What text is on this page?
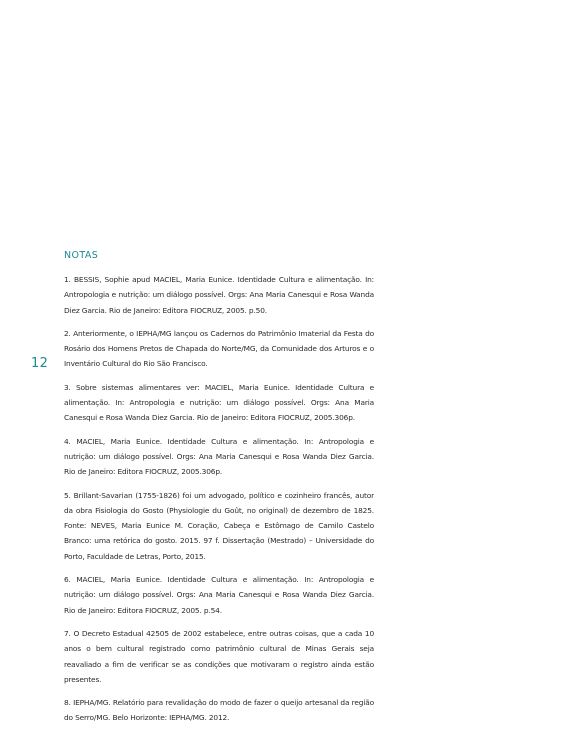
12
NOTAS

1. BESSIS, Sophie apud MACIEL, Maria Eunice. Identidade Cultura e alimentação. In: Antropologia e nutrição: um diálogo possível. Orgs: Ana Maria Canesqui e Rosa Wanda Diez Garcia. Rio de Janeiro: Editora FIOCRUZ, 2005. p.50.

2. Anteriormente, o IEPHA/MG lançou os Cadernos do Patrimônio Imaterial da Festa do Rosário dos Homens Pretos de Chapada do Norte/MG, da Comunidade dos Arturos e o Inventário Cultural do Rio São Francisco.

3. Sobre sistemas alimentares ver: MACIEL, Maria Eunice. Identidade Cultura e alimentação. In: Antropologia e nutrição: um diálogo possível. Orgs: Ana Maria Canesqui e Rosa Wanda Diez Garcia. Rio de Janeiro: Editora FIOCRUZ, 2005.306p.

4. MACIEL, Maria Eunice. Identidade Cultura e alimentação. In: Antropologia e nutrição: um diálogo possível. Orgs: Ana Maria Canesqui e Rosa Wanda Diez Garcia. Rio de Janeiro: Editora FIOCRUZ, 2005.306p.

5. Brillant-Savarian (1755-1826) foi um advogado, político e cozinheiro francês, autor da obra Fisiologia do Gosto (Physiologie du Goût, no original) de dezembro de 1825. Fonte: NEVES, Maria Eunice M. Coração, Cabeça e Estômago de Camilo Castelo Branco: uma retórica do gosto. 2015. 97 f. Dissertação (Mestrado) – Universidade do Porto, Faculdade de Letras, Porto, 2015.

6. MACIEL, Maria Eunice. Identidade Cultura e alimentação. In: Antropologia e nutrição: um diálogo possível. Orgs: Ana Maria Canesqui e Rosa Wanda Diez Garcia. Rio de Janeiro: Editora FIOCRUZ, 2005. p.54.

7. O Decreto Estadual 42505 de 2002 estabelece, entre outras coisas, que a cada 10 anos o bem cultural registrado como patrimônio cultural de Minas Gerais seja reavaliado a fim de verificar se as condições que motivaram o registro ainda estão presentes.

8. IEPHA/MG. Relatório para revalidação do modo de fazer o queijo artesanal da região do Serro/MG. Belo Horizonte: IEPHA/MG. 2012.
